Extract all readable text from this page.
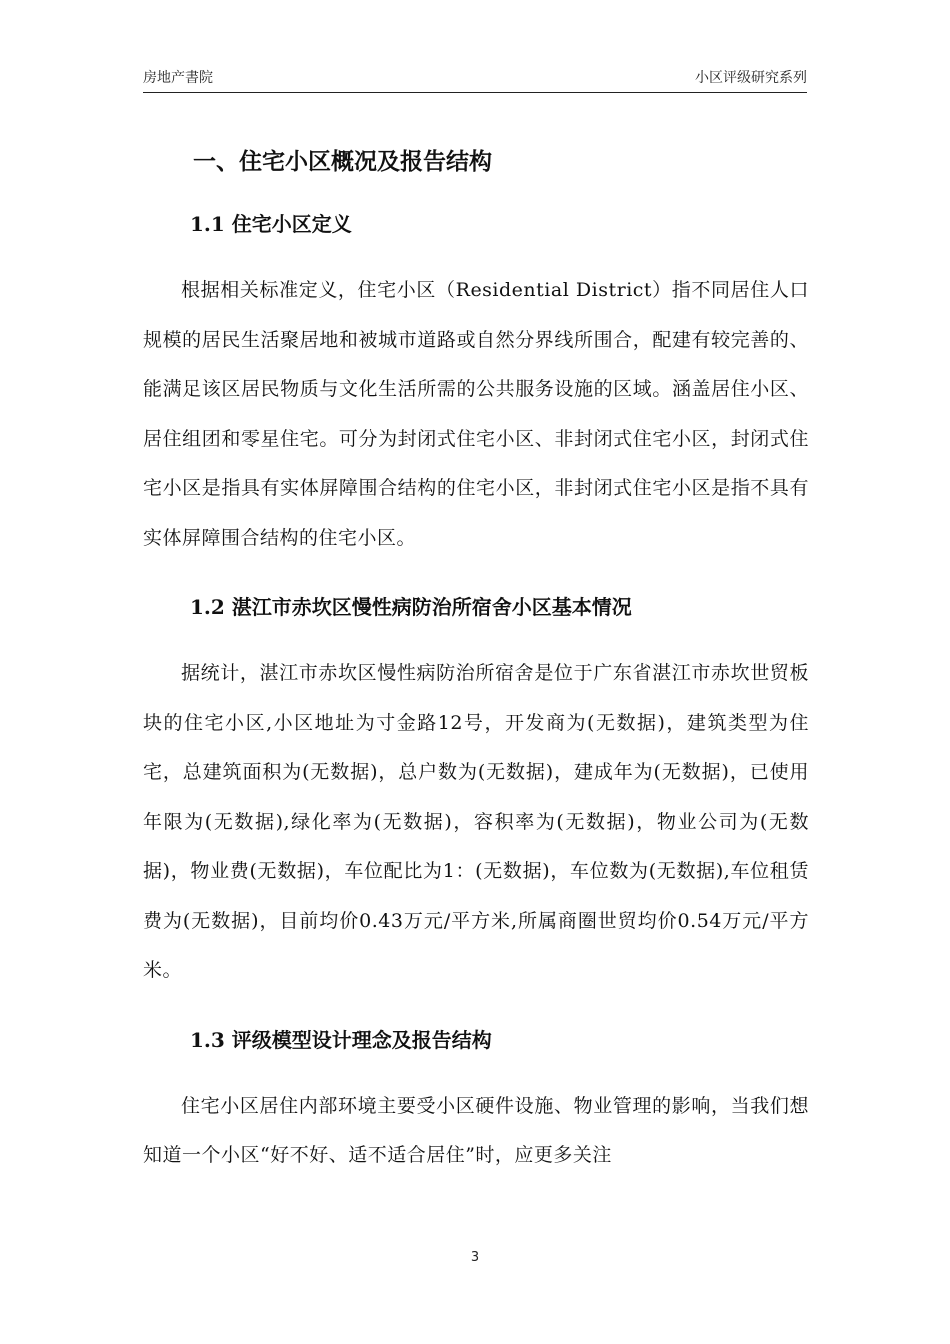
房地产書院	小区评级研究系列
一、住宅小区概况及报告结构
1.1 住宅小区定义

根据相关标准定义，住宅小区（Residential District）指不同居住人口规模的居民生活聚居地和被城市道路或自然分界线所围合，配建有较完善的、能满足该区居民物质与文化生活所需的公共服务设施的区域。涵盖居住小区、居住组团和零星住宅。可分为封闭式住宅小区、非封闭式住宅小区，封闭式住宅小区是指具有实体屏障围合结构的住宅小区，非封闭式住宅小区是指不具有实体屏障围合结构的住宅小区。

1.2 湛江市赤坎区慢性病防治所宿舍小区基本情况

据统计，湛江市赤坎区慢性病防治所宿舍是位于广东省湛江市赤坎世贸板块的住宅小区,小区地址为寸金路12号，开发商为(无数据)，建筑类型为住宅，总建筑面积为(无数据)，总户数为(无数据)，建成年为(无数据)，已使用年限为(无数据),绿化率为(无数据)，容积率为(无数据)，物业公司为(无数据)，物业费(无数据)，车位配比为1：(无数据)，车位数为(无数据),车位租赁费为(无数据)，目前均价0.43万元/平方米,所属商圈世贸均价0.54万元/平方米。

1.3 评级模型设计理念及报告结构

住宅小区居住内部环境主要受小区硬件设施、物业管理的影响，当我们想知道一个小区“好不好、适不适合居住”时，应更多关注

3
